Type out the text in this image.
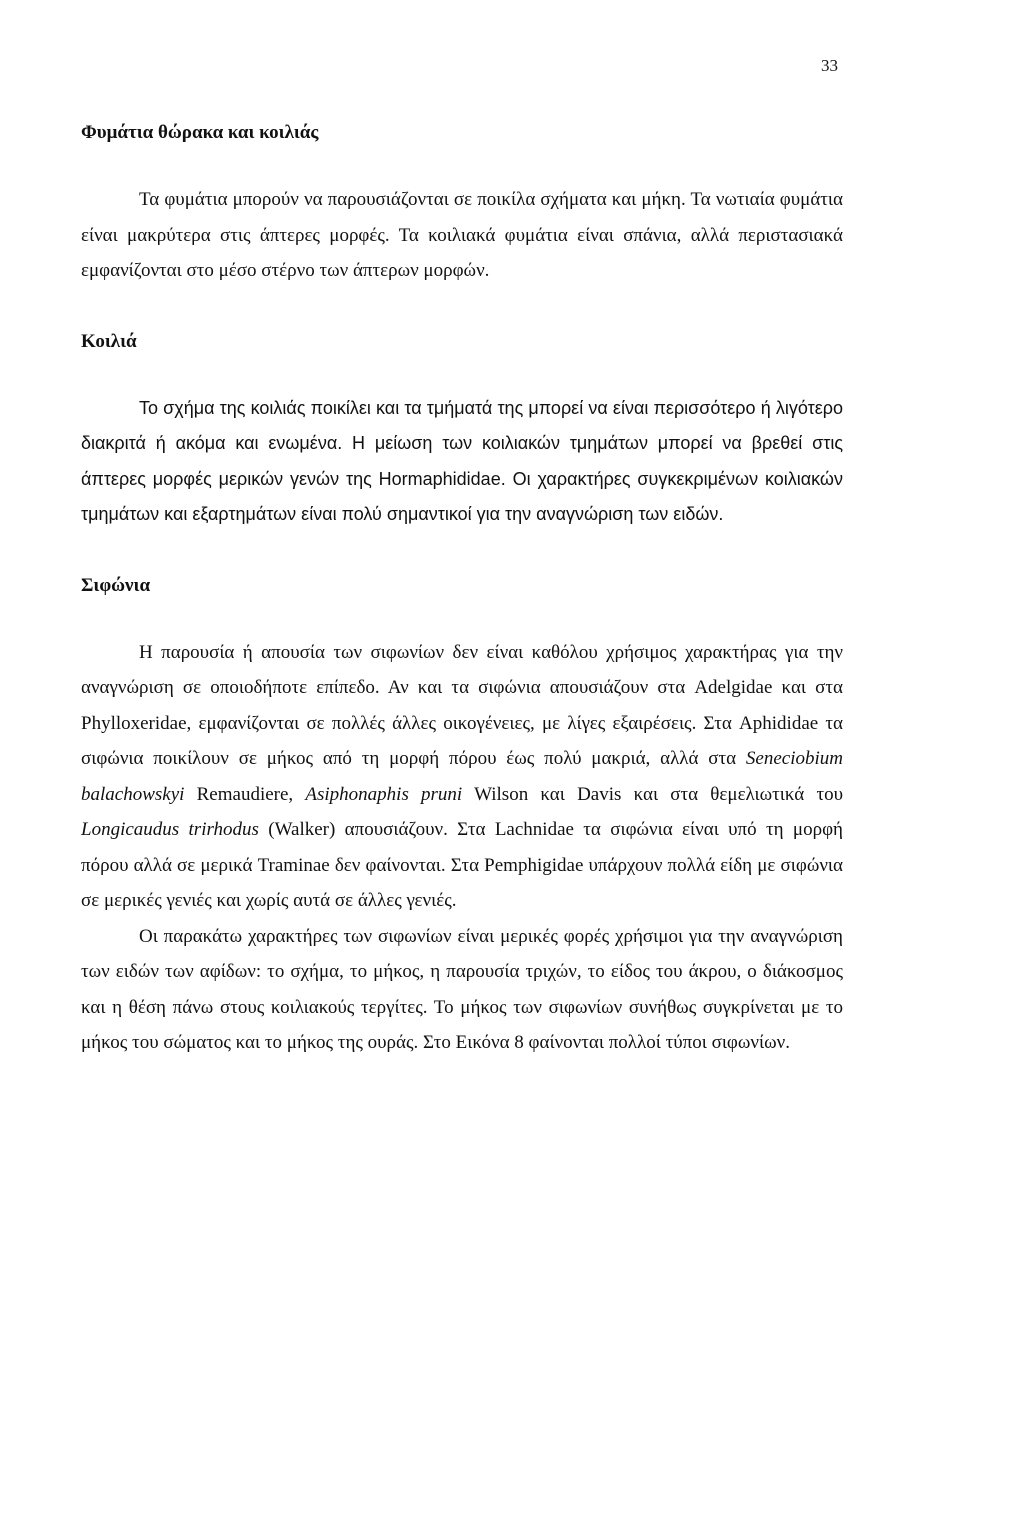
33
Φυμάτια θώρακα και κοιλιάς

Τα φυμάτια μπορούν να παρουσιάζονται σε ποικίλα σχήματα και μήκη. Τα νωτιαία φυμάτια είναι μακρύτερα στις άπτερες μορφές. Τα κοιλιακά φυμάτια είναι σπάνια, αλλά περιστασιακά εμφανίζονται στο μέσο στέρνο των άπτερων μορφών.

Κοιλιά

Το σχήμα της κοιλιάς ποικίλει και τα τμήματά της μπορεί να είναι περισσότερο ή λιγότερο διακριτά ή ακόμα και ενωμένα. Η μείωση των κοιλιακών τμημάτων μπορεί να βρεθεί στις άπτερες μορφές μερικών γενών της Hormaphididae. Οι χαρακτήρες συγκεκριμένων κοιλιακών τμημάτων και εξαρτημάτων είναι πολύ σημαντικοί για την αναγνώριση των ειδών.

Σιφώνια

Η παρουσία ή απουσία των σιφωνίων δεν είναι καθόλου χρήσιμος χαρακτήρας για την αναγνώριση σε οποιοδήποτε επίπεδο. Αν και τα σιφώνια απουσιάζουν στα Adelgidae και στα Phylloxeridae, εμφανίζονται σε πολλές άλλες οικογένειες, με λίγες εξαιρέσεις. Στα Aphididae τα σιφώνια ποικίλουν σε μήκος από τη μορφή πόρου έως πολύ μακριά, αλλά στα Seneciobium balachowskyi Remaudiere, Asiphonaphis pruni Wilson και Davis και στα θεμελιωτικά του Longicaudus trirhodus (Walker) απουσιάζουν. Στα Lachnidae τα σιφώνια είναι υπό τη μορφή πόρου αλλά σε μερικά Traminae δεν φαίνονται. Στα Pemphigidae υπάρχουν πολλά είδη με σιφώνια σε μερικές γενιές και χωρίς αυτά σε άλλες γενιές.

Οι παρακάτω χαρακτήρες των σιφωνίων είναι μερικές φορές χρήσιμοι για την αναγνώριση των ειδών των αφίδων: το σχήμα, το μήκος, η παρουσία τριχών, το είδος του άκρου, ο διάκοσμος και η θέση πάνω στους κοιλιακούς τεργίτες. Το μήκος των σιφωνίων συνήθως συγκρίνεται με το μήκος του σώματος και το μήκος της ουράς. Στο Εικόνα 8 φαίνονται πολλοί τύποι σιφωνίων.
